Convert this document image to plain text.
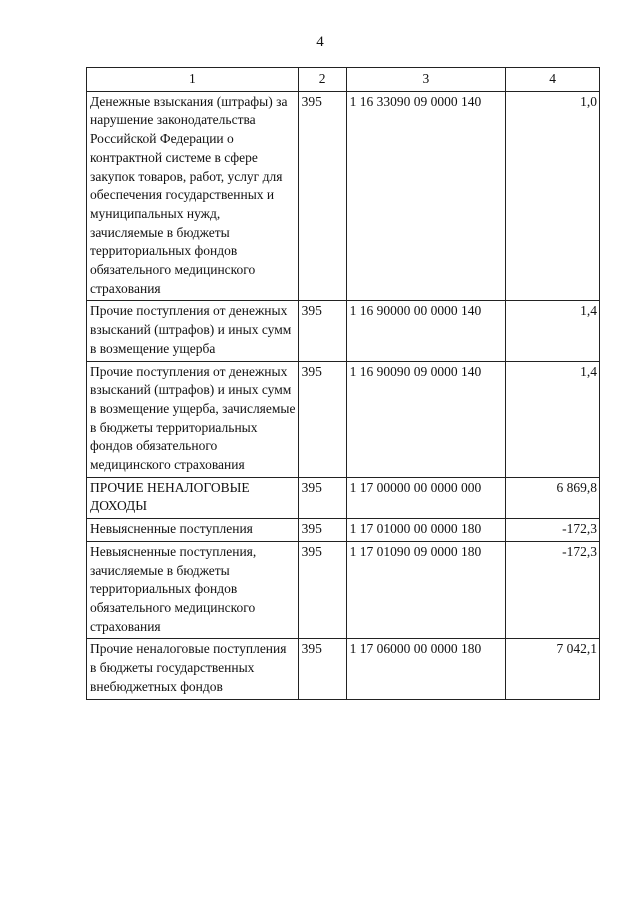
4
1	2	3	4
Денежные взыскания (штрафы) за нарушение законодательства Российской Федерации о контрактной системе в сфере закупок товаров, работ, услуг для обеспечения государственных и муниципальных нужд, зачисляемые в бюджеты территориальных фондов обязательного медицинского страхования	395	1 16 33090 09 0000 140	1,0
Прочие поступления от денежных взысканий (штрафов) и иных сумм в возмещение ущерба	395	1 16 90000 00 0000 140	1,4
Прочие поступления от денежных взысканий (штрафов) и иных сумм в возмещение ущерба, зачисляемые в бюджеты территориальных фондов обязательного медицинского страхования	395	1 16 90090 09 0000 140	1,4
ПРОЧИЕ НЕНАЛОГОВЫЕ ДОХОДЫ	395	1 17 00000 00 0000 000	6 869,8
Невыясненные поступления	395	1 17 01000 00 0000 180	-172,3
Невыясненные поступления, зачисляемые в бюджеты территориальных фондов обязательного медицинского страхования	395	1 17 01090 09 0000 180	-172,3
Прочие неналоговые поступления в бюджеты государственных внебюджетных фондов	395	1 17 06000 00 0000 180	7 042,1
